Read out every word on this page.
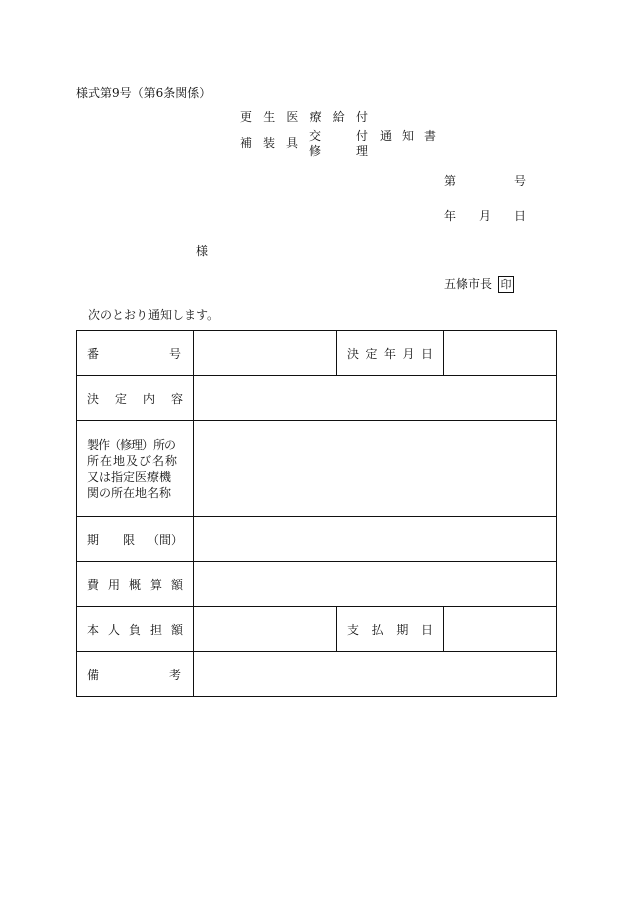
様式第9号（第6条関係）
更 生 医 療 給 付
補 装 具 交
修
付
理
通 知 書
第	号
年 月 日
様
五條市長 印
次のとおり通知します。
番 号		決 定 年 月 日	

決 定 内 容			

製作（修理）所の
所在地及び名称
又は指定医療機
関の所在地名称			

期 限 （間）			

費 用 概 算 額			

本 人 負 担 額		支 払 期 日	

備 考			
